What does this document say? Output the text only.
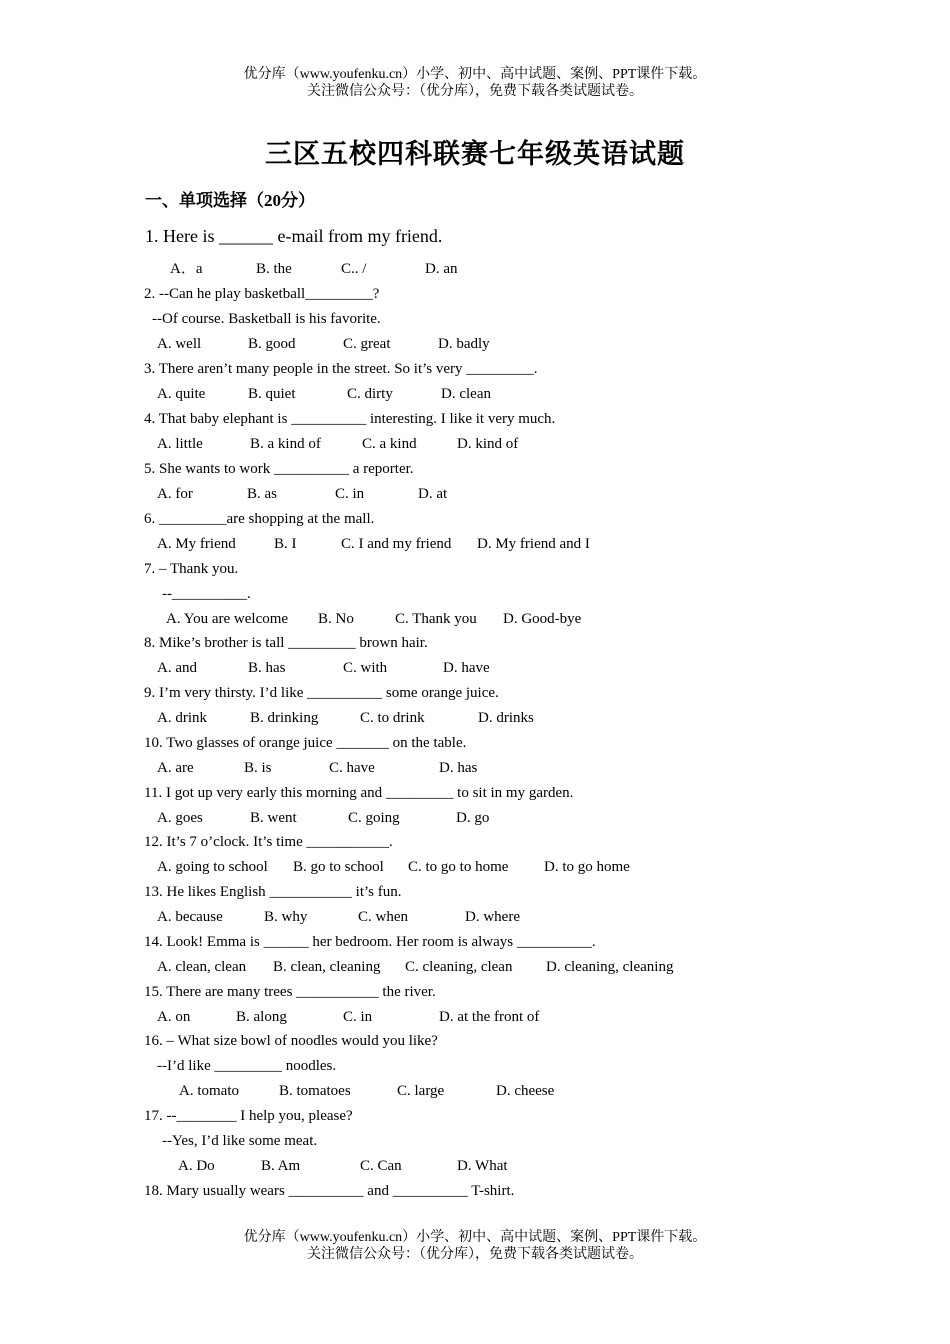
优分库（www.youfenku.cn）小学、初中、高中试题、案例、PPT课件下载。
关注微信公众号：（优分库），免费下载各类试题试卷。
三区五校四科联赛七年级英语试题
一、单项选择（20分）
1. Here is ______ e-mail from my friend.
A．a	B. the	C.. /	D. an
2. --Can he play basketball_________?
--Of course. Basketball is his favorite.
A. well	B. good	C. great	D. badly
3. There aren’t many people in the street. So it’s very _________.
A. quite	B. quiet	C. dirty	D. clean
4. That baby elephant is __________ interesting. I like it very much.
A. little	B. a kind of	C. a kind	D. kind of
5. She wants to work __________ a reporter.
A. for	B. as	C. in	D. at
6. _________are shopping at the mall.
A. My friend	B. I	C. I and my friend D. My friend and I
7. – Thank you.
--__________.
A. You are welcome B. No	C. Thank you D. Good-bye
8. Mike’s brother is tall _________ brown hair.
A. and	B. has	C. with	D. have
9. I’m very thirsty. I’d like __________ some orange juice.
A. drink	B. drinking	C. to drink	D. drinks
10. Two glasses of orange juice _______ on the table.
A. are	B. is	C. have	D. has
11. I got up very early this morning and _________ to sit in my garden.
A. goes	B. went	C. going	D. go
12. It’s 7 o’clock. It’s time ___________.
A. going to school B. go to school C. to go to home D. to go home
13. He likes English ___________ it’s fun.
A. because	B. why	C. when	D. where
14. Look! Emma is ______ her bedroom. Her room is always __________.
A. clean, clean B. clean, cleaning C. cleaning, clean D. cleaning, cleaning
15. There are many trees ___________ the river.
A. on	B. along	C. in	D. at the front of
16. – What size bowl of noodles would you like?
--I’d like _________ noodles.
A. tomato	B. tomatoes	C. large	D. cheese
17. --________ I help you, please?
--Yes, I’d like some meat.
A. Do	B. Am	C. Can	D. What
18. Mary usually wears __________ and __________ T-shirt.
优分库（www.youfenku.cn）小学、初中、高中试题、案例、PPT课件下载。
关注微信公众号：（优分库），免费下载各类试题试卷。
